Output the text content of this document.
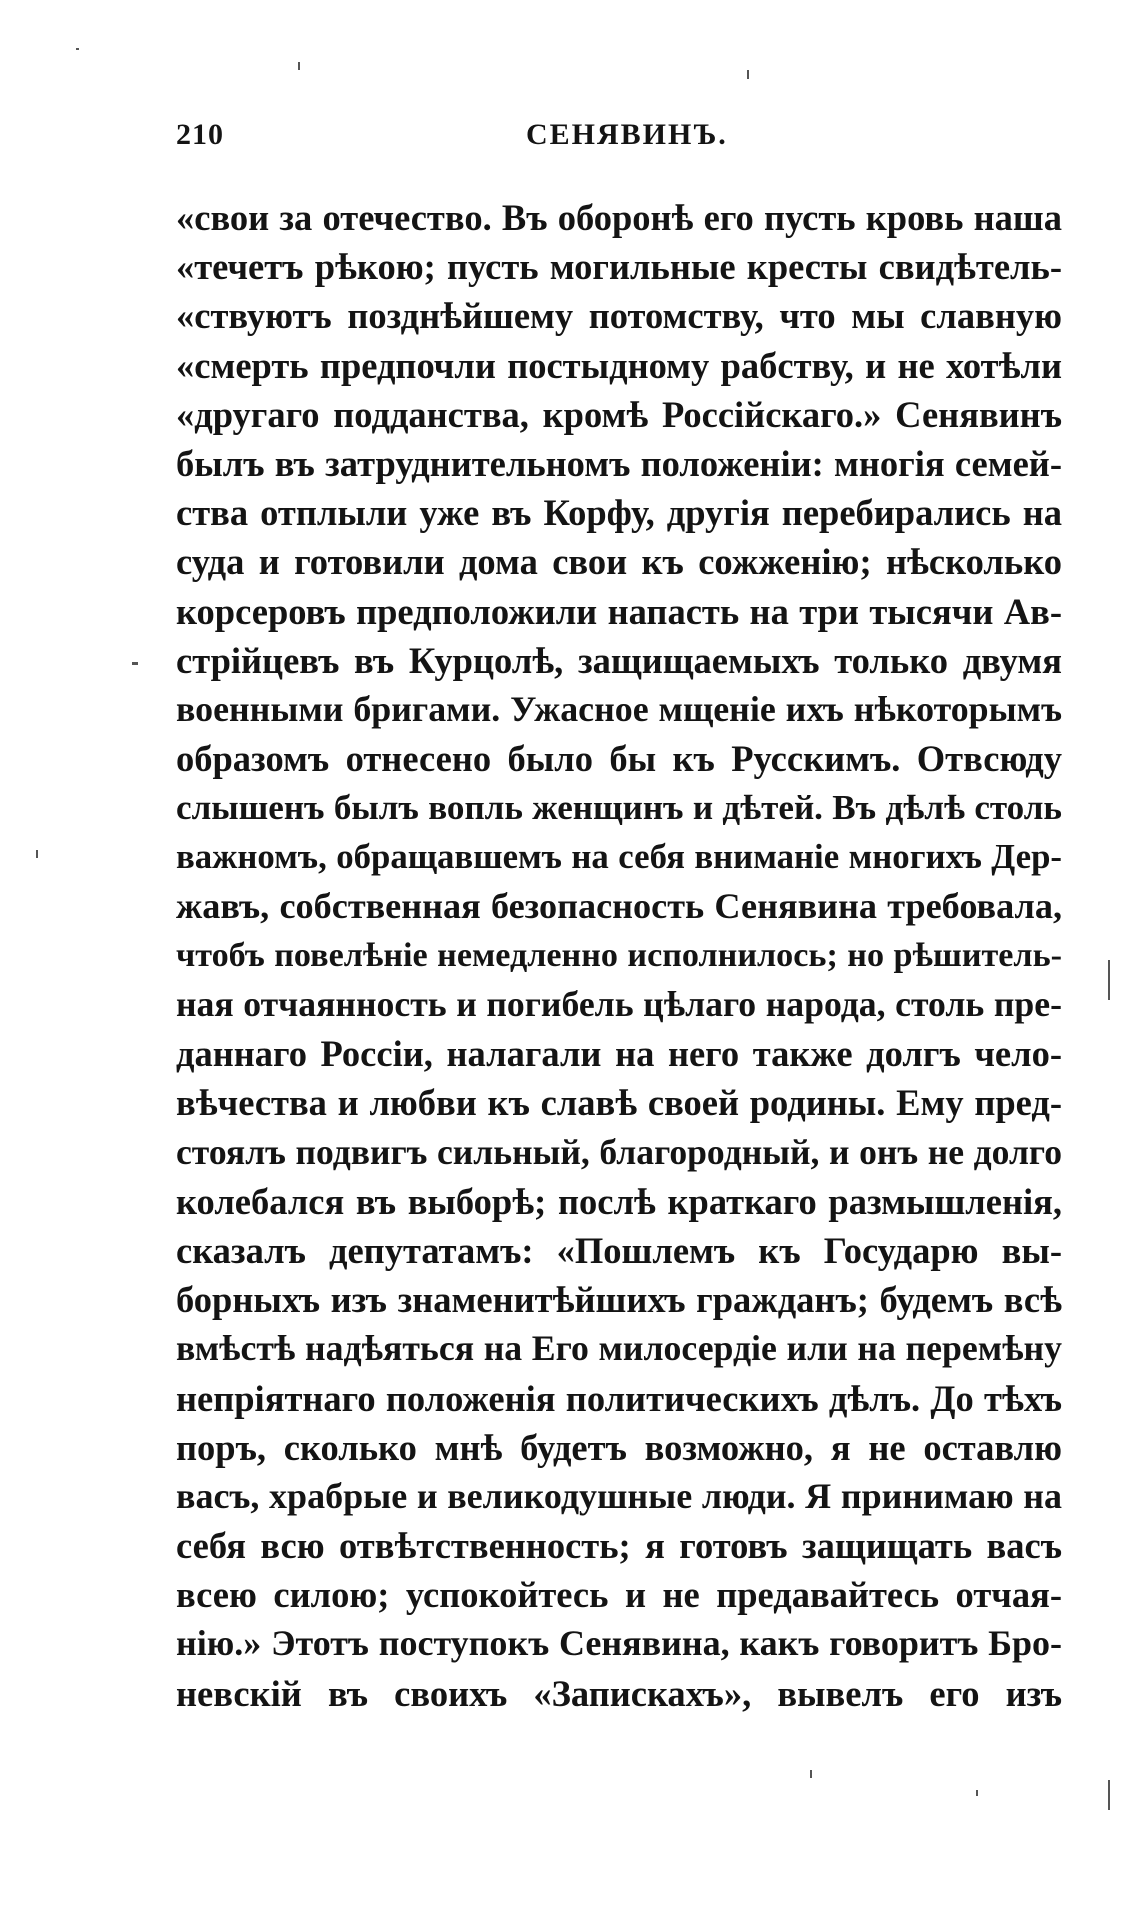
210	СЕНЯВИНЪ.
«свои за отечество. Въ оборонѣ его пусть кровь наша
«течетъ рѣкою; пусть могильные кресты свидѣтель-
«ствуютъ позднѣйшему потомству, что мы славную
«смерть предпочли постыдному рабству, и не хотѣли
«другаго подданства, кромѣ Россійскаго.» Сенявинъ
былъ въ затруднительномъ положеніи: многія семей-
ства отплыли уже въ Корфу, другія перебирались на
суда и готовили дома свои къ сожженію; нѣсколько
корсеровъ предположили напасть на три тысячи Ав-
стрійцевъ въ Курцолѣ, защищаемыхъ только двумя
военными бригами. Ужасное мщеніе ихъ нѣкоторымъ
образомъ отнесено было бы къ Русскимъ. Отвсюду
слышенъ былъ вопль женщинъ и дѣтей. Въ дѣлѣ столь
важномъ, обращавшемъ на себя вниманіе многихъ Дер-
жавъ, собственная безопасность Сенявина требовала,
чтобъ повелѣніе немедленно исполнилось; но рѣшитель-
ная отчаянность и погибель цѣлаго народа, столь пре-
даннаго Россіи, налагали на него также долгъ чело-
вѣчества и любви къ славѣ своей родины. Ему пред-
стоялъ подвигъ сильный, благородный, и онъ не долго
колебался въ выборѣ; послѣ краткаго размышленія,
сказалъ депутатамъ: «Пошлемъ къ Государю вы-
борныхъ изъ знаменитѣйшихъ гражданъ; будемъ всѣ
вмѣстѣ надѣяться на Его милосердіе или на перемѣну
непріятнаго положенія политическихъ дѣлъ. До тѣхъ
поръ, сколько мнѣ будетъ возможно, я не оставлю
васъ, храбрые и великодушные люди. Я принимаю на
себя всю отвѣтственность; я готовъ защищать васъ
всею силою; успокойтесь и не предавайтесь отчая-
нію.» Этотъ поступокъ Сенявина, какъ говоритъ Бро-
невскій въ своихъ «Запискахъ», вывелъ его изъ
